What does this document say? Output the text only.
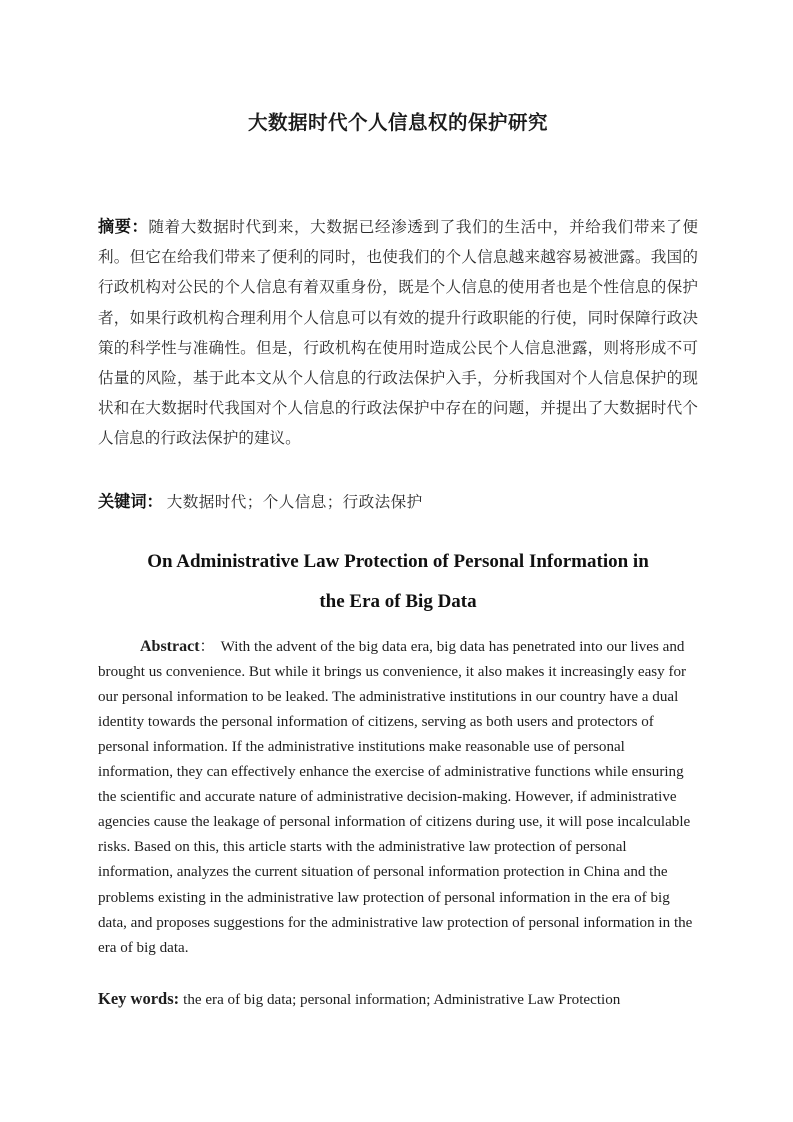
大数据时代个人信息权的保护研究

摘要：随着大数据时代到来，大数据已经渗透到了我们的生活中，并给我们带来了便利。但它在给我们带来了便利的同时，也使我们的个人信息越来越容易被泄露。我国的行政机构对公民的个人信息有着双重身份，既是个人信息的使用者也是个性信息的保护者，如果行政机构合理利用个人信息可以有效的提升行政职能的行使，同时保障行政决策的科学性与准确性。但是，行政机构在使用时造成公民个人信息泄露，则将形成不可估量的风险，基于此本文从个人信息的行政法保护入手，分析我国对个人信息保护的现状和在大数据时代我国对个人信息的行政法保护中存在的问题，并提出了大数据时代个人信息的行政法保护的建议。

关键词： 大数据时代；个人信息；行政法保护

On Administrative Law Protection of Personal Information in
the Era of Big Data

Abstract： With the advent of the big data era, big data has penetrated into our lives and brought us convenience. But while it brings us convenience, it also makes it increasingly easy for our personal information to be leaked. The administrative institutions in our country have a dual identity towards the personal information of citizens, serving as both users and protectors of personal information. If the administrative institutions make reasonable use of personal information, they can effectively enhance the exercise of administrative functions while ensuring the scientific and accurate nature of administrative decision-making. However, if administrative agencies cause the leakage of personal information of citizens during use, it will pose incalculable risks. Based on this, this article starts with the administrative law protection of personal information, analyzes the current situation of personal information protection in China and the problems existing in the administrative law protection of personal information in the era of big data, and proposes suggestions for the administrative law protection of personal information in the era of big data.

Key words: the era of big data; personal information; Administrative Law Protection
